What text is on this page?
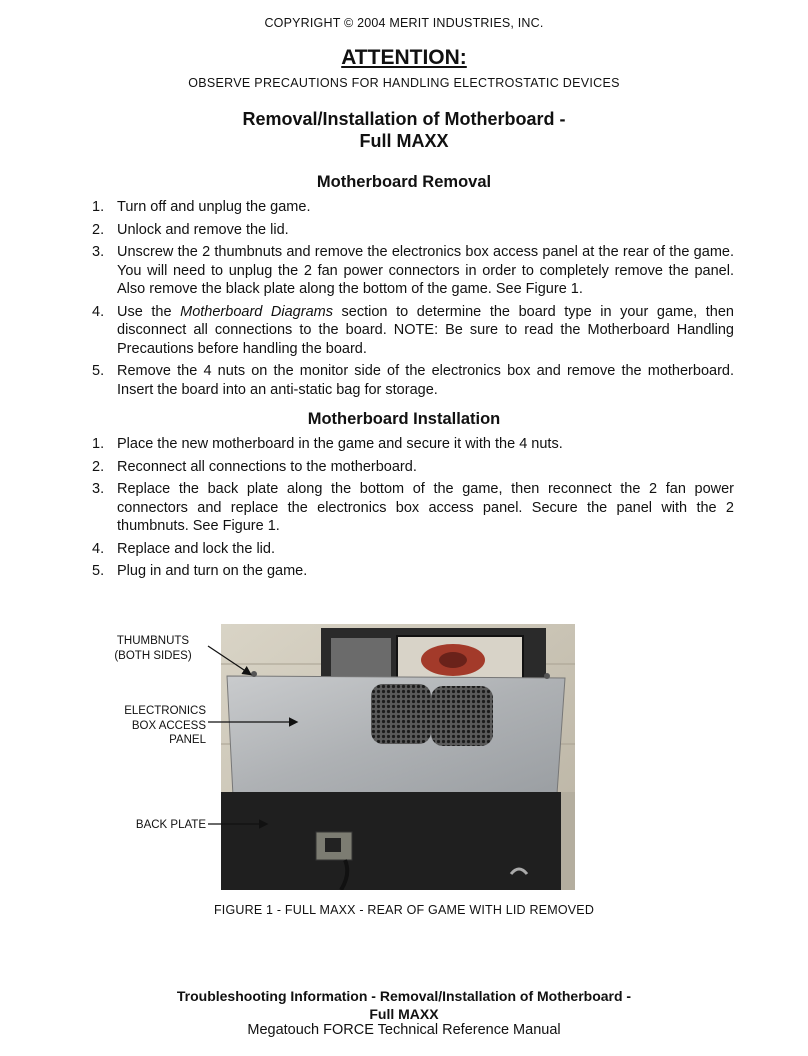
COPYRIGHT © 2004 MERIT INDUSTRIES, INC.
ATTENTION:
OBSERVE PRECAUTIONS FOR HANDLING ELECTROSTATIC DEVICES
Removal/Installation of Motherboard -
Full MAXX
Motherboard Removal
1. Turn off and unplug the game.
2. Unlock and remove the lid.
3. Unscrew the 2 thumbnuts and remove the electronics box access panel at the rear of the game. You will need to unplug the 2 fan power connectors in order to completely remove the panel. Also remove the black plate along the bottom of the game. See Figure 1.
4. Use the Motherboard Diagrams section to determine the board type in your game, then disconnect all connections to the board. NOTE: Be sure to read the Motherboard Handling Precautions before handling the board.
5. Remove the 4 nuts on the monitor side of the electronics box and remove the motherboard. Insert the board into an anti-static bag for storage.
Motherboard Installation
1. Place the new motherboard in the game and secure it with the 4 nuts.
2. Reconnect all connections to the motherboard.
3. Replace the back plate along the bottom of the game, then reconnect the 2 fan power connectors and replace the electronics box access panel. Secure the panel with the 2 thumbnuts. See Figure 1.
4. Replace and lock the lid.
5. Plug in and turn on the game.
THUMBNUTS
(BOTH SIDES)
ELECTRONICS
BOX ACCESS
PANEL
BACK PLATE
FIGURE 1 - FULL MAXX - REAR OF GAME WITH LID REMOVED
Troubleshooting Information - Removal/Installation of Motherboard -
Full MAXX
Megatouch FORCE Technical Reference Manual
